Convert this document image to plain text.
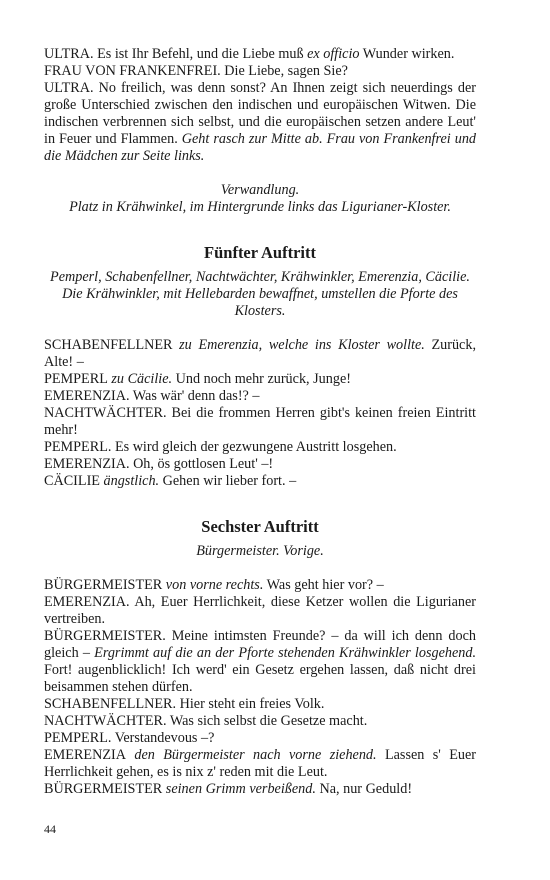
ULTRA. Es ist Ihr Befehl, und die Liebe muß ex officio Wunder wirken.

FRAU VON FRANKENFREI. Die Liebe, sagen Sie?

ULTRA. No freilich, was denn sonst? An Ihnen zeigt sich neuerdings der große Unterschied zwischen den indischen und europäischen Witwen. Die indischen verbrennen sich selbst, und die europäischen setzen andere Leut' in Feuer und Flammen. Geht rasch zur Mitte ab. Frau von Frankenfrei und die Mädchen zur Seite links.

Verwandlung.

Platz in Krähwinkel, im Hintergrunde links das Ligurianer-Kloster.

Fünfter Auftritt

Pemperl, Schabenfellner, Nachtwächter, Krähwinkler, Emerenzia, Cäcilie. Die Krähwinkler, mit Hellebarden bewaffnet, umstellen die Pforte des Klosters.

SCHABENFELLNER zu Emerenzia, welche ins Kloster wollte. Zurück, Alte! –

PEMPERL zu Cäcilie. Und noch mehr zurück, Junge!

EMERENZIA. Was wär' denn das!? –

NACHTWÄCHTER. Bei die frommen Herren gibt's keinen freien Eintritt mehr!

PEMPERL. Es wird gleich der gezwungene Austritt losgehen.

EMERENZIA. Oh, ös gottlosen Leut' –!

CÄCILIE ängstlich. Gehen wir lieber fort. –

Sechster Auftritt

Bürgermeister. Vorige.

BÜRGERMEISTER von vorne rechts. Was geht hier vor? –

EMERENZIA. Ah, Euer Herrlichkeit, diese Ketzer wollen die Ligurianer vertreiben.

BÜRGERMEISTER. Meine intimsten Freunde? – da will ich denn doch gleich – Ergrimmt auf die an der Pforte stehenden Krähwinkler losgehend. Fort! augenblicklich! Ich werd' ein Gesetz ergehen lassen, daß nicht drei beisammen stehen dürfen.

SCHABENFELLNER. Hier steht ein freies Volk.

NACHTWÄCHTER. Was sich selbst die Gesetze macht.

PEMPERL. Verstandevous –?

EMERENZIA den Bürgermeister nach vorne ziehend. Lassen s' Euer Herrlichkeit gehen, es is nix z' reden mit die Leut.

BÜRGERMEISTER seinen Grimm verbeißend. Na, nur Geduld!

44
